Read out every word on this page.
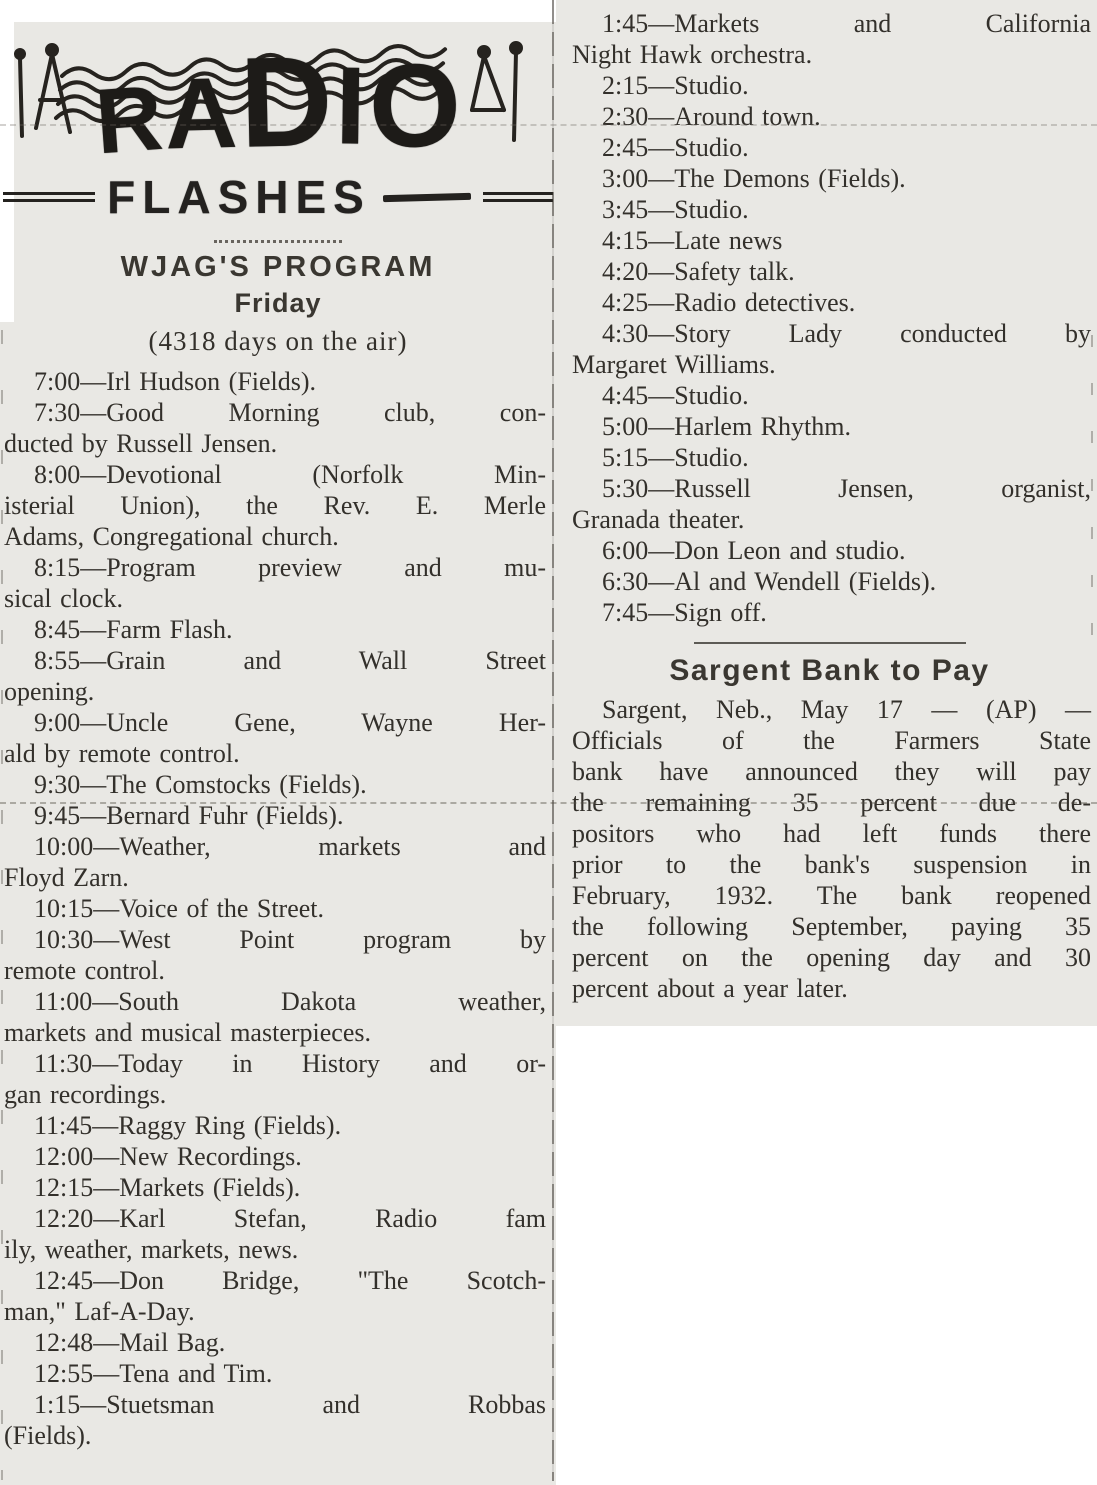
R
A D I O
FLASHES
WJAG'S PROGRAM
Friday

(4318 days on the air)

7:00—Irl Hudson (Fields).

7:30—Good Morning club, con-
ducted by Russell Jensen.

8:00—Devotional (Norfolk Min-
isterial Union), the Rev. E. Merle
Adams, Congregational church.

8:15—Program preview and mu-
sical clock.

8:45—Farm Flash.

8:55—Grain and Wall Street
opening.

9:00—Uncle Gene, Wayne Her-
ald by remote control.

9:30—The Comstocks (Fields).

9:45—Bernard Fuhr (Fields).

10:00—Weather, markets and
Floyd Zarn.

10:15—Voice of the Street.

10:30—West Point program by
remote control.

11:00—South Dakota weather,
markets and musical masterpieces.

11:30—Today in History and or-
gan recordings.

11:45—Raggy Ring (Fields).

12:00—New Recordings.

12:15—Markets (Fields).

12:20—Karl Stefan, Radio fam
ily, weather, markets, news.

12:45—Don Bridge, "The Scotch-
man," Laf-A-Day.

12:48—Mail Bag.

12:55—Tena and Tim.

1:15—Stuetsman and Robbas
(Fields).

1:45—Markets and California
Night Hawk orchestra.

2:15—Studio.

2:30—Around town.

2:45—Studio.

3:00—The Demons (Fields).

3:45—Studio.

4:15—Late news

4:20—Safety talk.

4:25—Radio detectives.

4:30—Story Lady conducted by
Margaret Williams.

4:45—Studio.

5:00—Harlem Rhythm.

5:15—Studio.

5:30—Russell Jensen, organist,
Granada theater.

6:00—Don Leon and studio.

6:30—Al and Wendell (Fields).

7:45—Sign off.

Sargent Bank to Pay

Sargent, Neb., May 17 — (AP) —
Officials of the Farmers State
bank have announced they will pay
the remaining 35 percent due de-
positors who had left funds there
prior to the bank's suspension in
February, 1932. The bank reopened
the following September, paying 35
percent on the opening day and 30
percent about a year later.
